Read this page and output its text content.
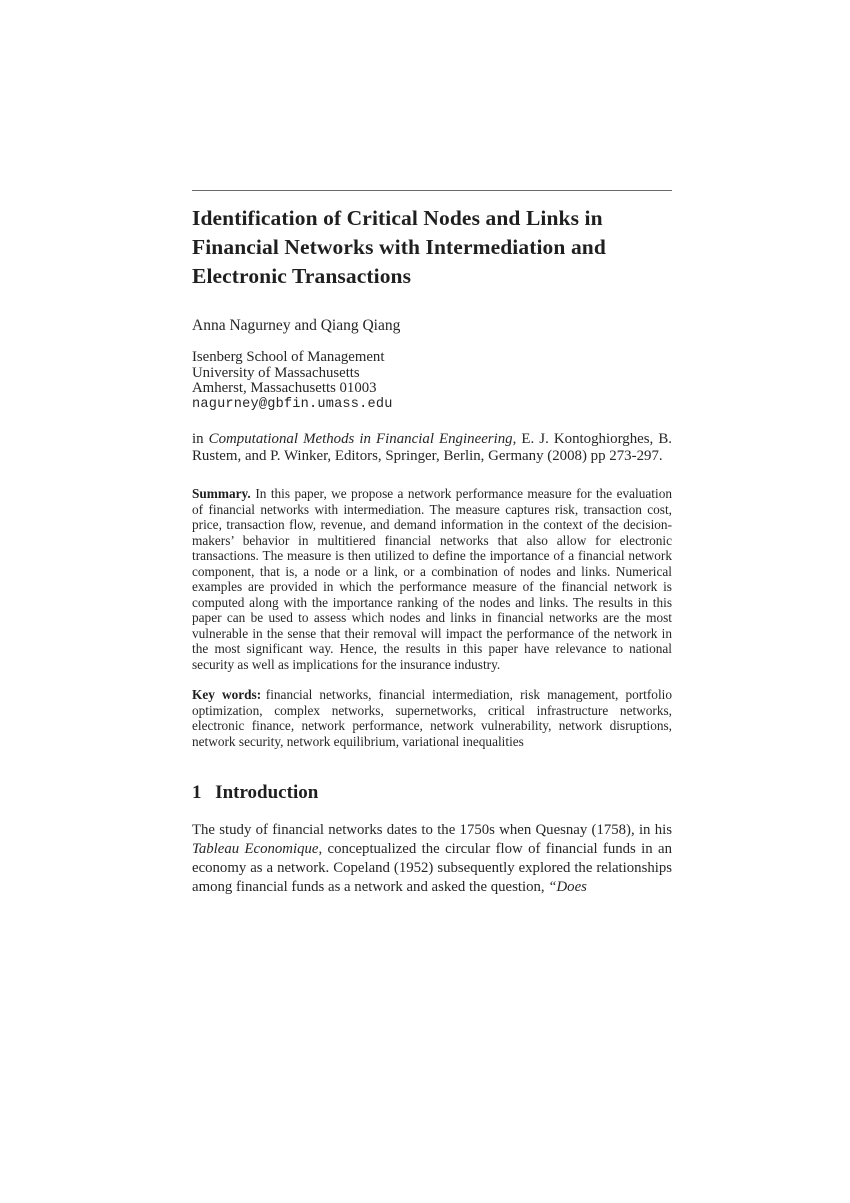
Identification of Critical Nodes and Links in
Financial Networks with Intermediation and
Electronic Transactions

Anna Nagurney and Qiang Qiang

Isenberg School of Management
University of Massachusetts
Amherst, Massachusetts 01003
nagurney@gbfin.umass.edu

in Computational Methods in Financial Engineering, E. J. Kontoghiorghes, B. Rustem, and P. Winker, Editors, Springer, Berlin, Germany (2008) pp 273-297.

Summary. In this paper, we propose a network performance measure for the evaluation of financial networks with intermediation. The measure captures risk, transaction cost, price, transaction flow, revenue, and demand information in the context of the decision-makers’ behavior in multitiered financial networks that also allow for electronic transactions. The measure is then utilized to define the importance of a financial network component, that is, a node or a link, or a combination of nodes and links. Numerical examples are provided in which the performance measure of the financial network is computed along with the importance ranking of the nodes and links. The results in this paper can be used to assess which nodes and links in financial networks are the most vulnerable in the sense that their removal will impact the performance of the network in the most significant way. Hence, the results in this paper have relevance to national security as well as implications for the insurance industry.

Key words: financial networks, financial intermediation, risk management, portfolio optimization, complex networks, supernetworks, critical infrastructure networks, electronic finance, network performance, network vulnerability, network disruptions, network security, network equilibrium, variational inequalities

1 Introduction

The study of financial networks dates to the 1750s when Quesnay (1758), in his Tableau Economique, conceptualized the circular flow of financial funds in an economy as a network. Copeland (1952) subsequently explored the relationships among financial funds as a network and asked the question, “Does
